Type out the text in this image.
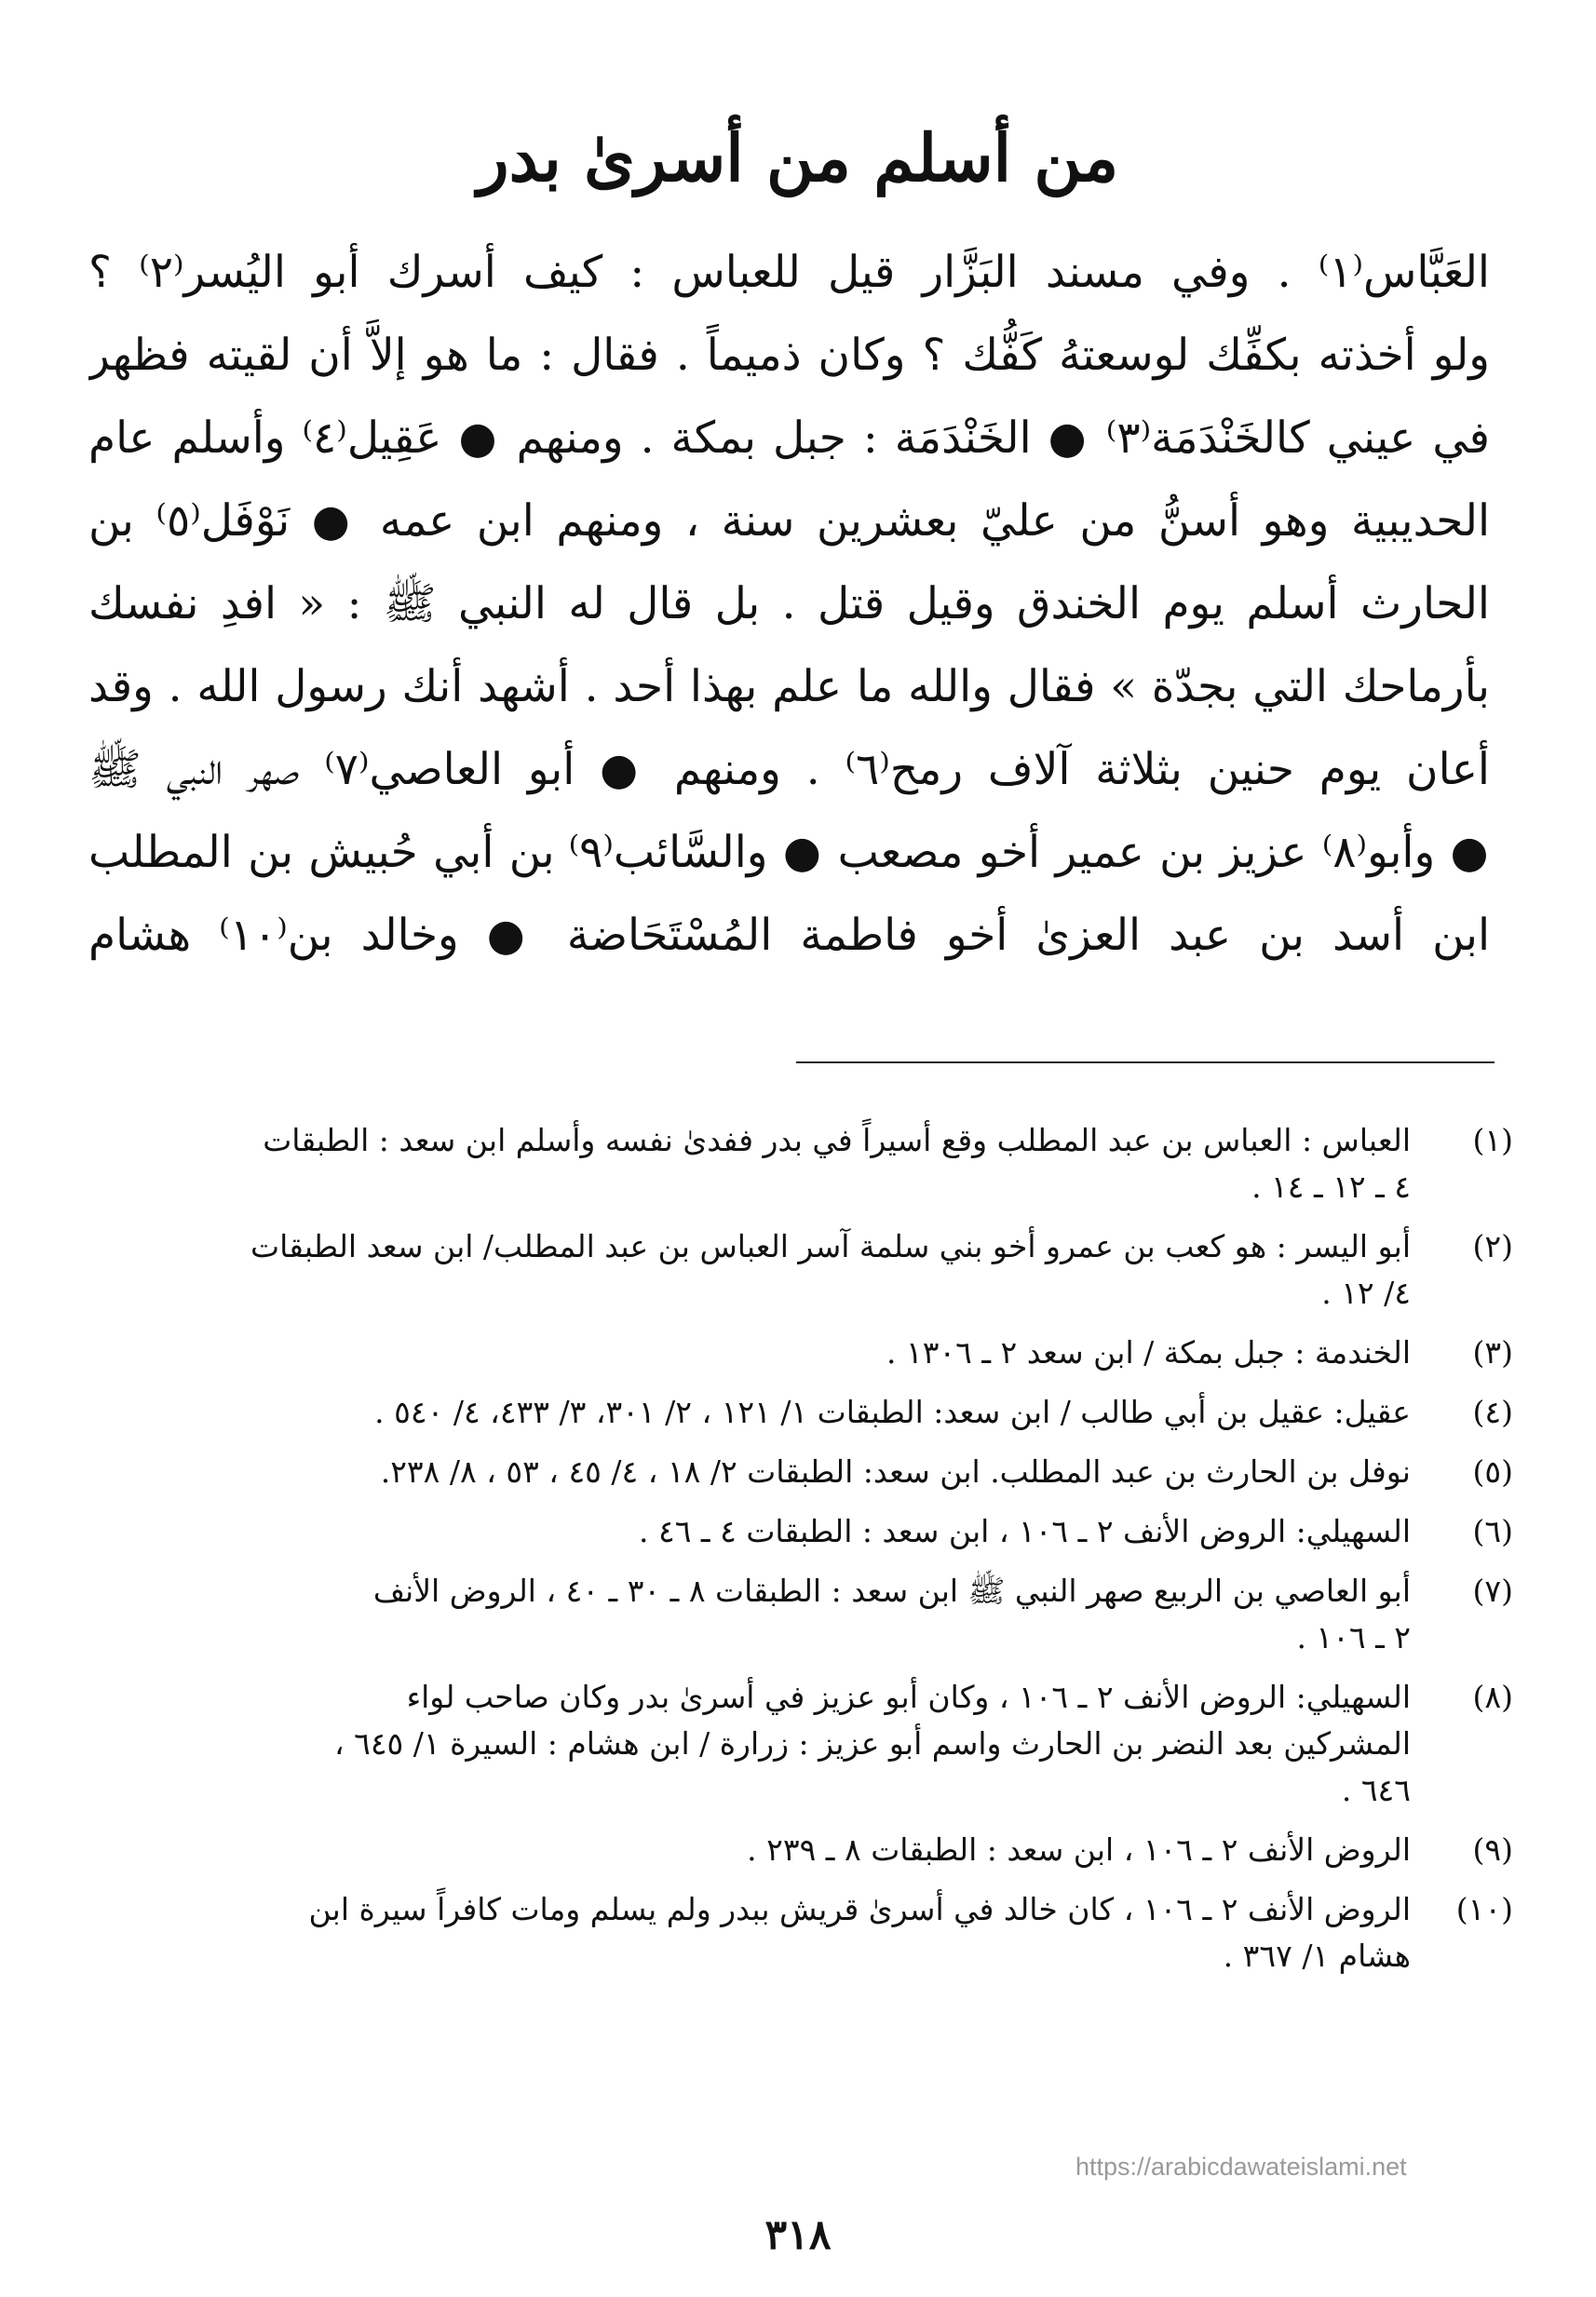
من أسلم من أسرىٰ بدر
العَبَّاس⁽١⁾ . وفي مسند البَزَّار قيل للعباس : كيف أسرك أبو اليُسر⁽٢⁾ ؟
ولو أخذته بكفِّك لوسعتهُ كَفُّك ؟ وكان ذميماً . فقال : ما هو إلاَّ أن لقيته فظهر
في عيني كالخَنْدَمَة⁽٣⁾ ● الخَنْدَمَة : جبل بمكة . ومنهم ● عَقِيل⁽٤⁾ وأسلم عام
الحديبية وهو أسنُّ من عليّ بعشرين سنة ، ومنهم ابن عمه ● نَوْفَل⁽٥⁾ بن
الحارث أسلم يوم الخندق وقيل قتل . بل قال له النبي ﷺ : « افدِ نفسك
بأرماحك التي بجدّة » فقال والله ما علم بهذا أحد . أشهد أنك رسول الله . وقد
أعان يوم حنين بثلاثة آلاف رمح⁽٦⁾ . ومنهم ● أبو العاصي⁽٧⁾ صهر النبي ﷺ
● وأبو⁽٨⁾ عزيز بن عمير أخو مصعب ● والسَّائب⁽٩⁾ بن أبي حُبيش بن المطلب
ابن أسد بن عبد العزىٰ أخو فاطمة المُسْتَحَاضة ● وخالد بن⁽١٠⁾ هشام
(١)
العباس : العباس بن عبد المطلب وقع أسيراً في بدر ففدىٰ نفسه وأسلم ابن سعد : الطبقات
٤ ـ ١٢ ـ ١٤ .
(٢)
أبو اليسر : هو كعب بن عمرو أخو بني سلمة آسر العباس بن عبد المطلب/ ابن سعد الطبقات
٤/ ١٢ .
(٣)
الخندمة : جبل بمكة / ابن سعد ٢ ـ ١٣٠٦ .
(٤)
عقيل: عقيل بن أبي طالب / ابن سعد: الطبقات ١/ ١٢١ ، ٢/ ٣٠١، ٣/ ٤٣٣، ٤/ ٥٤٠ .
(٥)
نوفل بن الحارث بن عبد المطلب. ابن سعد: الطبقات ٢/ ١٨ ، ٤/ ٤٥ ، ٥٣ ، ٨/ ٢٣٨.
(٦)
السهيلي: الروض الأنف ٢ ـ ١٠٦ ، ابن سعد : الطبقات ٤ ـ ٤٦ .
(٧)
أبو العاصي بن الربيع صهر النبي ﷺ ابن سعد : الطبقات ٨ ـ ٣٠ ـ ٤٠ ، الروض الأنف
٢ ـ ١٠٦ .
(٨)
السهيلي: الروض الأنف ٢ ـ ١٠٦ ، وكان أبو عزيز في أسرىٰ بدر وكان صاحب لواء
المشركين بعد النضر بن الحارث واسم أبو عزيز : زرارة / ابن هشام : السيرة ١/ ٦٤٥ ،
٦٤٦ .
(٩)
الروض الأنف ٢ ـ ١٠٦ ، ابن سعد : الطبقات ٨ ـ ٢٣٩ .
(١٠)
الروض الأنف ٢ ـ ١٠٦ ، كان خالد في أسرىٰ قريش ببدر ولم يسلم ومات كافراً سيرة ابن
هشام ١/ ٣٦٧ .
https://arabicdawateislami.net
٣١٨
